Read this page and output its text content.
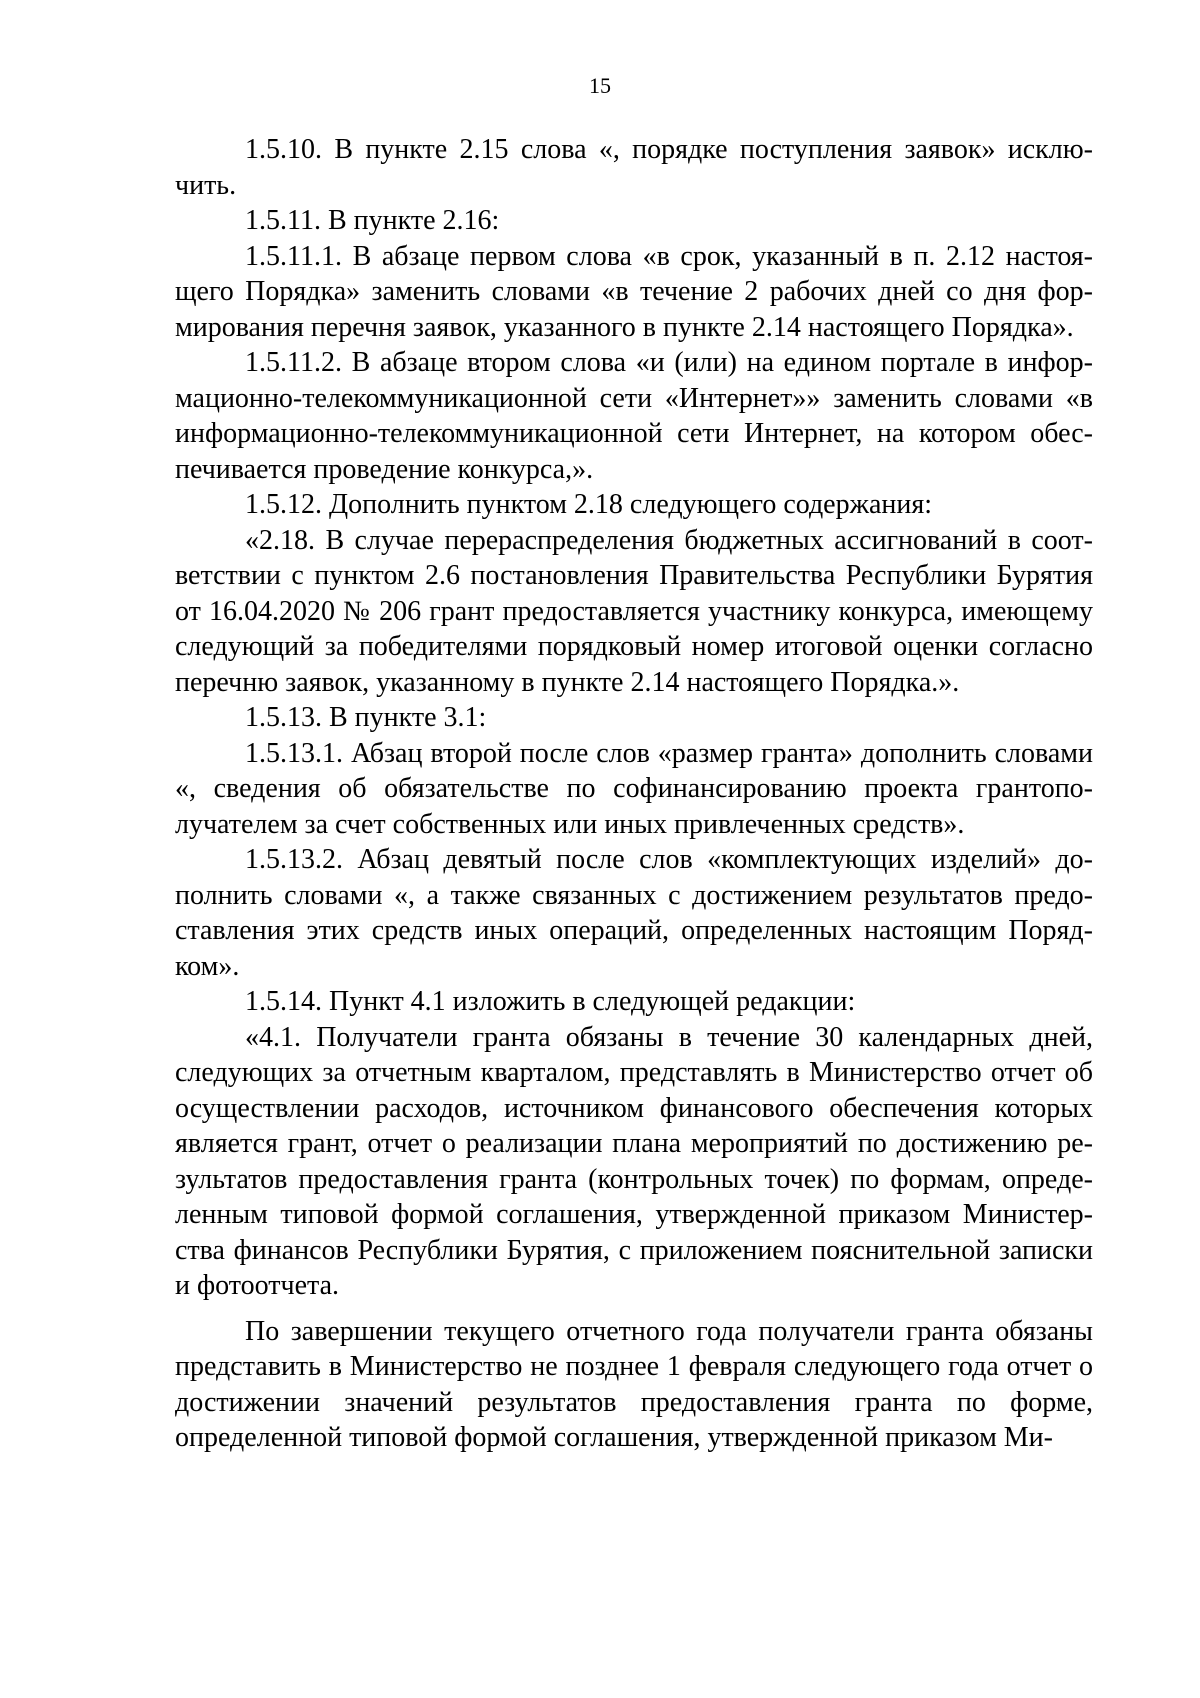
15

1.5.10. В пункте 2.15 слова «, порядке поступления заявок» исключить.

1.5.11. В пункте 2.16:

1.5.11.1. В абзаце первом слова «в срок, указанный в п. 2.12 настоящего Порядка» заменить словами «в течение 2 рабочих дней со дня формирования перечня заявок, указанного в пункте 2.14 настоящего Порядка».

1.5.11.2. В абзаце втором слова «и (или) на едином портале в информационно-телекоммуникационной сети «Интернет»» заменить словами «в информационно-телекоммуникационной сети Интернет, на котором обеспечивается проведение конкурса,».

1.5.12. Дополнить пунктом 2.18 следующего содержания:

«2.18. В случае перераспределения бюджетных ассигнований в соответствии с пунктом 2.6 постановления Правительства Республики Бурятия от 16.04.2020 № 206 грант предоставляется участнику конкурса, имеющему следующий за победителями порядковый номер итоговой оценки согласно перечню заявок, указанному в пункте 2.14 настоящего Порядка.».

1.5.13. В пункте 3.1:

1.5.13.1. Абзац второй после слов «размер гранта» дополнить словами «, сведения об обязательстве по софинансированию проекта грантополучателем за счет собственных или иных привлеченных средств».

1.5.13.2. Абзац девятый после слов «комплектующих изделий» дополнить словами «, а также связанных с достижением результатов предоставления этих средств иных операций, определенных настоящим Порядком».

1.5.14. Пункт 4.1 изложить в следующей редакции:

«4.1. Получатели гранта обязаны в течение 30 календарных дней, следующих за отчетным кварталом, представлять в Министерство отчет об осуществлении расходов, источником финансового обеспечения которых является грант, отчет о реализации плана мероприятий по достижению результатов предоставления гранта (контрольных точек) по формам, определенным типовой формой соглашения, утвержденной приказом Министерства финансов Республики Бурятия, с приложением пояснительной записки и фотоотчета.

По завершении текущего отчетного года получатели гранта обязаны представить в Министерство не позднее 1 февраля следующего года отчет о достижении значений результатов предоставления гранта по форме, определенной типовой формой соглашения, утвержденной приказом Ми-
